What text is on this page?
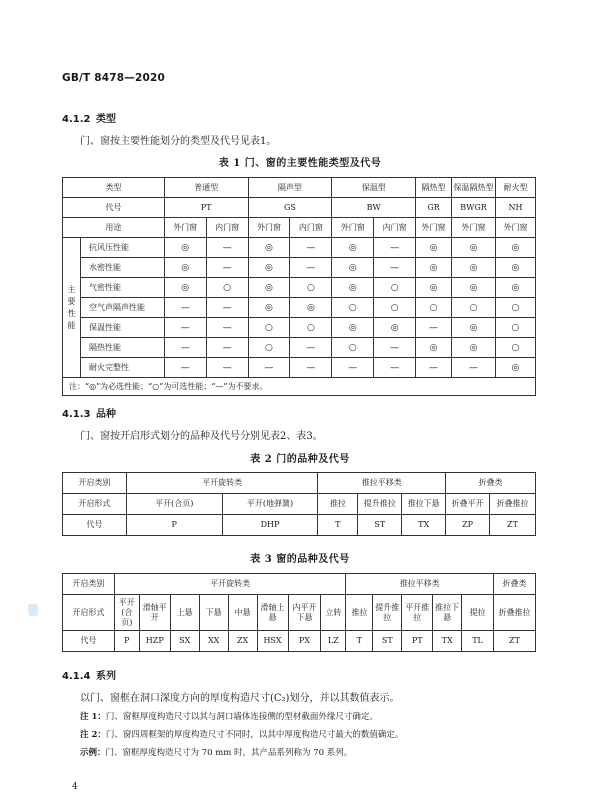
GB/T 8478—2020
4.1.2 类型
门、窗按主要性能划分的类型及代号见表1。
表 1 门、窗的主要性能类型及代号
类型		普通型		隔声型		保温型		隔热型	保温隔热型	耐火型
代号		PT		GS		BW		GR	BWGR	NH
用途		外门窗	内门窗	外门窗	内门窗	外门窗	内门窗	外门窗	外门窗	外门窗
主
要
性
能	抗风压性能	◎	—	◎	—	◎	—	◎	◎	◎
	水密性能	◎	—	◎	—	◎	—	◎	◎	◎
	气密性能	◎	○	◎	○	◎	○	◎	◎	◎
	空气声隔声性能	—	—	◎	◎	○	○	○	○	○
	保温性能	—	—	○	○	◎	◎	—	◎	○
	隔热性能	—	—	○	—	○	—	◎	◎	○
	耐火完整性	—	—	—	—	—	—	—	—	◎
注：“◎”为必选性能；“○”为可选性能；“—”为不要求。										
4.1.3 品种
门、窗按开启形式划分的品种及代号分别见表2、表3。
表 2 门的品种及代号
开启类别	平开旋转类		推拉平移类			折叠类	
开启形式	平开(合页)	平开(地弹簧)	推拉	提升推拉	推拉下悬	折叠平开	折叠推拉
代号	P	DHP	T	ST	TX	ZP	ZT
表 3 窗的品种及代号
开启类别	平开旋转类								推拉平移类					折叠类
开启形式	平开(合页)	滑轴平开	上悬	下悬	中悬	滑轴上悬	内平开下悬	立转	推拉	提升推拉	平开推拉	推拉下悬	提拉	折叠推拉
代号	P	HZP	SX	XX	ZX	HSX	PX	LZ	T	ST	PT	TX	TL	ZT
4.1.4 系列
以门、窗框在洞口深度方向的厚度构造尺寸(C₂)划分，并以其数值表示。
注 1：门、窗框厚度构造尺寸以其与洞口墙体连接侧的型材截面外缘尺寸确定。
注 2：门、窗四周框架的厚度构造尺寸不同时，以其中厚度构造尺寸最大的数值确定。
示例：门、窗框厚度构造尺寸为 70 mm 时，其产品系列称为 70 系列。
4
